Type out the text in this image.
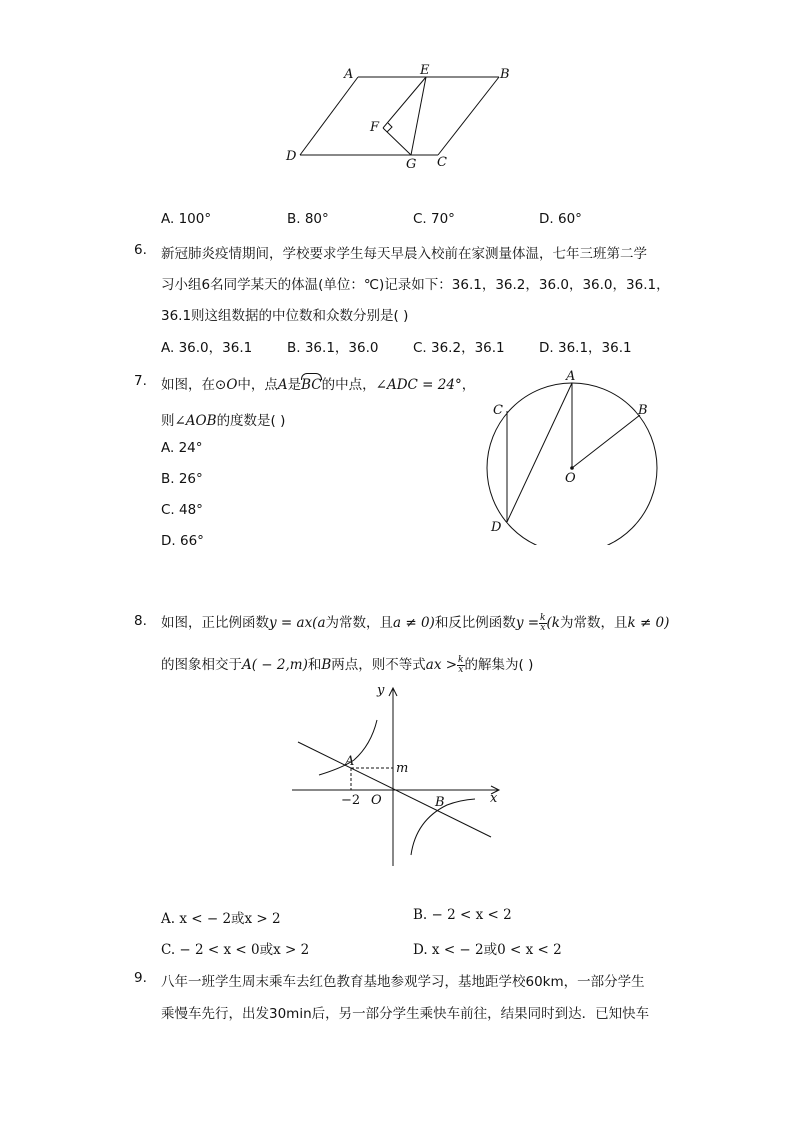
A	E	B
F
D
G C
A. 100°	B. 80°	C. 70°	D. 60°
6. 新冠肺炎疫情期间，学校要求学生每天早晨入校前在家测量体温，七年三班第二学
习小组6名同学某天的体温(单位：℃)记录如下：36.1，36.2，36.0，36.0，36.1，
36.1则这组数据的中位数和众数分别是( )
A. 36.0，36.1	B. 36.1，36.0	C. 36.2，36.1	D. 36.1，36.1
7. 如图，在⊙O中，点A是BC的中点，∠ADC = 24°，
则∠AOB的度数是( )
A. 24°
B. 26°
C. 48°
D. 66°
A
B
C
D
O
8. 如图，正比例函数y = ax(a为常数，且a ≠ 0)和反比例函数$y = \frac{k}{x} (k$为常数，且k ≠ 0)
的图象相交于A( − 2,m)和B两点，则不等式ax > $\frac{k}{x}$ 的解集为( )
y
x
A	m
−2 O	B
A. x < − 2或x > 2	B. − 2 < x < 2
C. − 2 < x < 0或x > 2	D. x < − 2或0 < x < 2
9. 八年一班学生周末乘车去红色教育基地参观学习，基地距学校60km，一部分学生
乘慢车先行，出发30min后，另一部分学生乘快车前往，结果同时到达．已知快车
